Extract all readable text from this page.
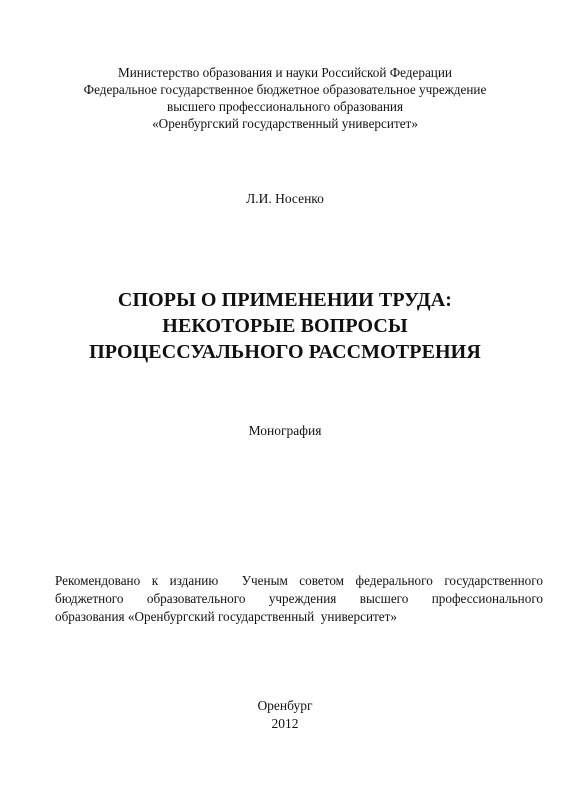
Министерство образования и науки Российской Федерации
Федеральное государственное бюджетное образовательное учреждение
высшего профессионального образования
«Оренбургский государственный университет»
Л.И. Носенко
СПОРЫ О ПРИМЕНЕНИИ ТРУДА:
НЕКОТОРЫЕ ВОПРОСЫ
ПРОЦЕССУАЛЬНОГО РАССМОТРЕНИЯ
Монография
Рекомендовано к изданию Ученым советом федерального государственного
бюджетного образовательного учреждения высшего профессионального
образования «Оренбургский государственный  университет»
Оренбург
2012
